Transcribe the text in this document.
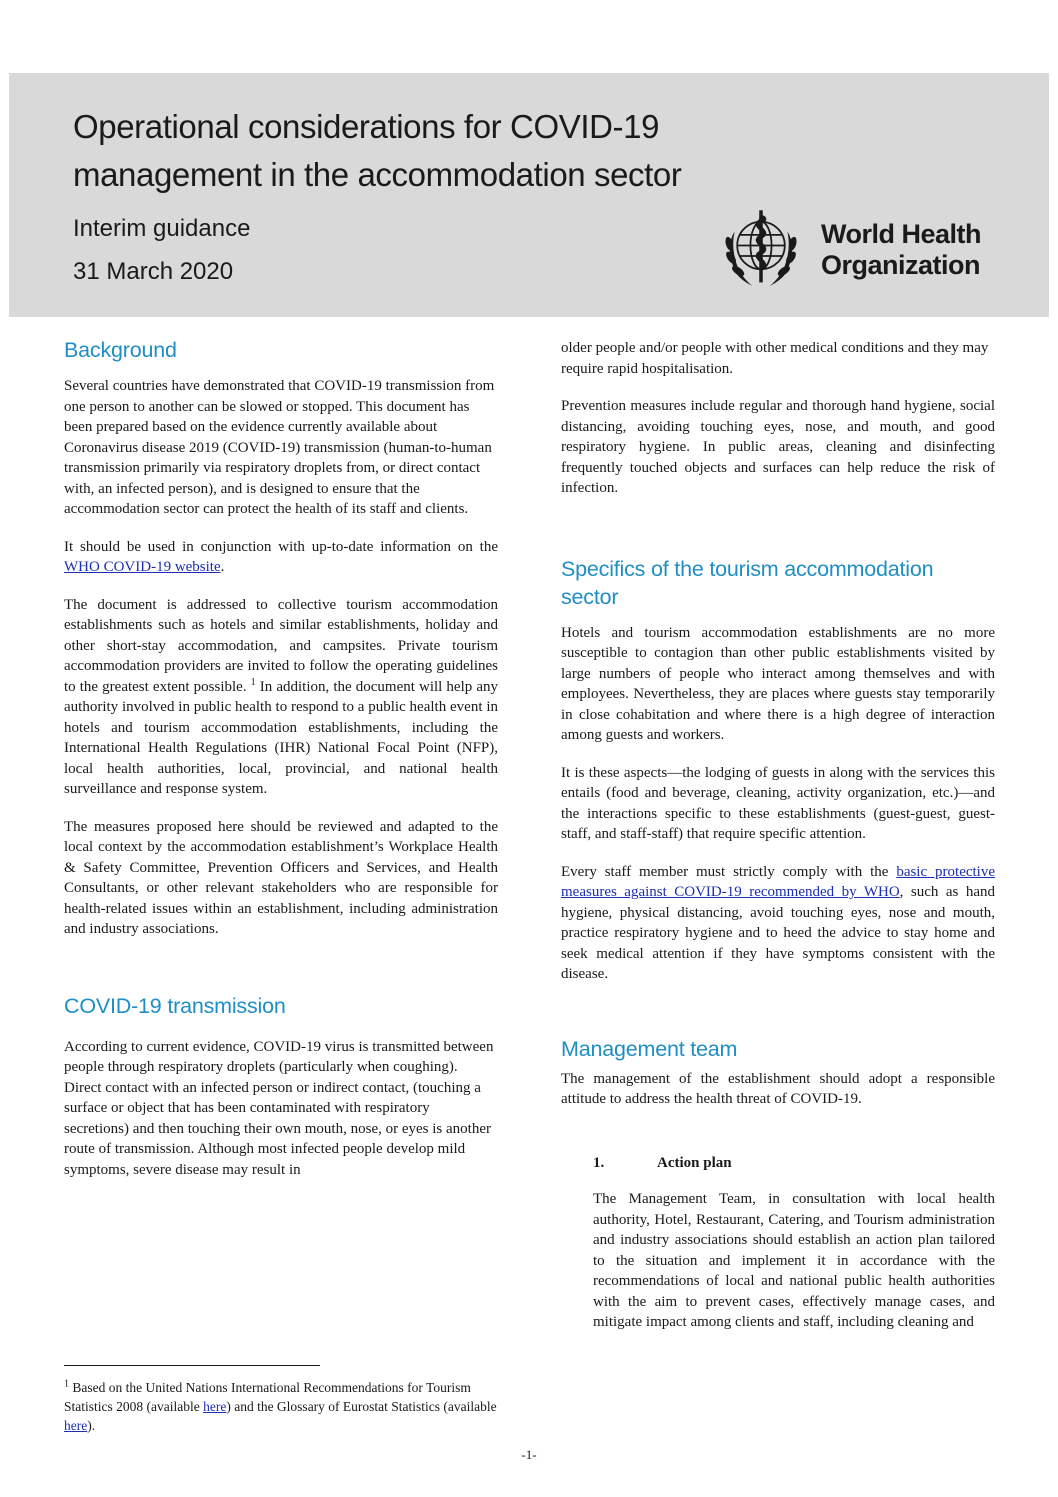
Operational considerations for COVID-19
management in the accommodation sector

Interim guidance

31 March 2020

World Health
Organization
Background

Several countries have demonstrated that COVID-19 transmission from one person to another can be slowed or stopped. This document has been prepared based on the evidence currently available about Coronavirus disease 2019 (COVID-19) transmission (human-to-human transmission primarily via respiratory droplets from, or direct contact with, an infected person), and is designed to ensure that the accommodation sector can protect the health of its staff and clients.

It should be used in conjunction with up-to-date information on the WHO COVID-19 website.

The document is addressed to collective tourism accommodation establishments such as hotels and similar establishments, holiday and other short-stay accommodation, and campsites. Private tourism accommodation providers are invited to follow the operating guidelines to the greatest extent possible. $^1$ In addition, the document will help any authority involved in public health to respond to a public health event in hotels and tourism accommodation establishments, including the International Health Regulations (IHR) National Focal Point (NFP), local health authorities, local, provincial, and national health surveillance and response system.

The measures proposed here should be reviewed and adapted to the local context by the accommodation establishment’s Workplace Health & Safety Committee, Prevention Officers and Services, and Health Consultants, or other relevant stakeholders who are responsible for health-related issues within an establishment, including administration and industry associations.

COVID-19 transmission

According to current evidence, COVID-19 virus is transmitted between people through respiratory droplets (particularly when coughing). Direct contact with an infected person or indirect contact, (touching a surface or object that has been contaminated with respiratory secretions) and then touching their own mouth, nose, or eyes is another route of transmission. Although most infected people develop mild symptoms, severe disease may result in

older people and/or people with other medical conditions and they may require rapid hospitalisation.

Prevention measures include regular and thorough hand hygiene, social distancing, avoiding touching eyes, nose, and mouth, and good respiratory hygiene. In public areas, cleaning and disinfecting frequently touched objects and surfaces can help reduce the risk of infection.

Specifics of the tourism accommodation sector

Hotels and tourism accommodation establishments are no more susceptible to contagion than other public establishments visited by large numbers of people who interact among themselves and with employees. Nevertheless, they are places where guests stay temporarily in close cohabitation and where there is a high degree of interaction among guests and workers.

It is these aspects—the lodging of guests in along with the services this entails (food and beverage, cleaning, activity organization, etc.)—and the interactions specific to these establishments (guest-guest, guest-staff, and staff-staff) that require specific attention.

Every staff member must strictly comply with the basic protective measures against COVID-19 recommended by WHO, such as hand hygiene, physical distancing, avoid touching eyes, nose and mouth, practice respiratory hygiene and to heed the advice to stay home and seek medical attention if they have symptoms consistent with the disease.

Management team

The management of the establishment should adopt a responsible attitude to address the health threat of COVID-19.

1.	Action plan

The Management Team, in consultation with local health authority, Hotel, Restaurant, Catering, and Tourism administration and industry associations should establish an action plan tailored to the situation and implement it in accordance with the recommendations of local and national public health authorities with the aim to prevent cases, effectively manage cases, and mitigate impact among clients and staff, including cleaning and

$^1$ Based on the United Nations International Recommendations for Tourism Statistics 2008 (available here) and the Glossary of Eurostat Statistics (available here).

-1-
